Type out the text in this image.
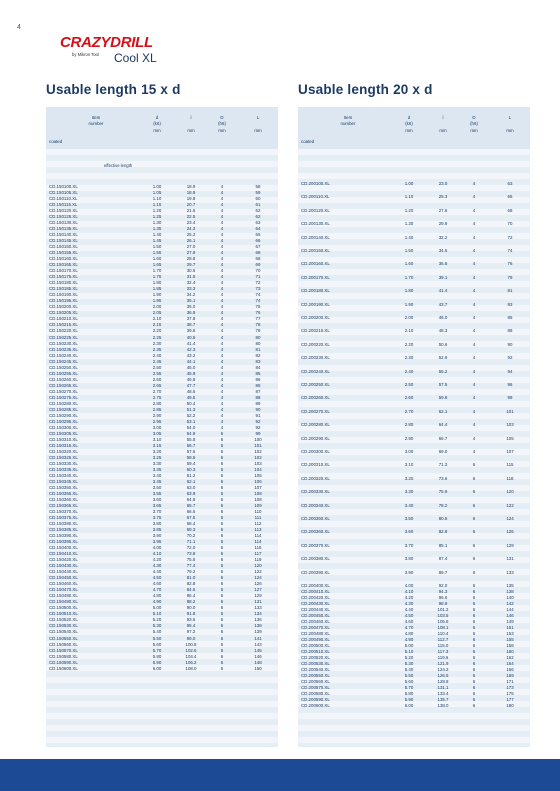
4
CRAZYDRILL
by Mikron Tool Cool XL
Usable length 15 x d	Usable length 20 x d
Item
number
coated
d
(k6)
mm
l
mm
D
(h6)
mm
L
mm
effective length
CD.150100.XL	1.00	18.9	4	58
CD.150105.XL	1.05	18.9	4	59
CD.150110.XL	1.10	19.8	4	60
CD.150115.XL	1.15	20.7	4	61
CD.150120.XL	1.20	21.6	4	62
CD.150125.XL	1.25	22.5	4	62
CD.150130.XL	1.30	23.4	4	63
CD.150135.XL	1.35	24.3	4	64
CD.150140.XL	1.40	25.2	4	65
CD.150145.XL	1.45	26.1	4	66
CD.150150.XL	1.50	27.0	4	67
CD.150155.XL	1.55	27.9	4	68
CD.150160.XL	1.60	28.8	4	68
CD.150165.XL	1.65	29.7	4	69
CD.150170.XL	1.70	30.6	4	70
CD.150175.XL	1.75	31.5	4	71
CD.150180.XL	1.80	32.4	4	72
CD.150185.XL	1.85	33.3	4	73
CD.150190.XL	1.90	34.2	4	74
CD.150195.XL	1.95	35.1	4	74
CD.150200.XL	2.00	36.0	4	75
CD.150205.XL	2.05	36.9	4	76
CD.150210.XL	2.10	37.8	4	77
CD.150215.XL	2.15	38.7	4	78
CD.150220.XL	2.20	39.6	4	79
CD.150225.XL	2.25	40.5	4	80
CD.150230.XL	2.30	41.4	4	80
CD.150235.XL	2.35	42.3	4	81
CD.150240.XL	2.40	43.2	4	82
CD.150245.XL	2.45	44.1	4	83
CD.150250.XL	2.50	45.0	4	84
CD.150255.XL	2.55	45.9	4	85
CD.150260.XL	2.60	46.8	4	86
CD.150265.XL	2.65	47.7	4	86
CD.150270.XL	2.70	48.6	4	87
CD.150275.XL	2.75	49.5	4	88
CD.150280.XL	2.80	50.4	4	89
CD.150285.XL	2.85	51.3	4	90
CD.150290.XL	2.90	52.2	4	91
CD.150295.XL	2.95	53.1	4	92
CD.150300.XL	3.00	54.0	4	92
CD.150305.XL	3.05	54.9	6	99
CD.150310.XL	3.10	55.8	6	100
CD.150315.XL	3.15	56.7	6	101
CD.150320.XL	3.20	57.6	6	102
CD.150325.XL	3.25	58.5	6	102
CD.150330.XL	3.30	59.4	6	103
CD.150335.XL	3.35	60.3	6	104
CD.150340.XL	3.40	61.2	6	105
CD.150345.XL	3.45	62.1	6	106
CD.150350.XL	3.50	63.0	6	107
CD.150355.XL	3.55	63.9	6	108
CD.150360.XL	3.60	64.8	6	108
CD.150365.XL	3.65	65.7	6	109
CD.150370.XL	3.70	66.6	6	110
CD.150375.XL	3.75	67.5	6	111
CD.150380.XL	3.80	68.4	6	112
CD.150385.XL	3.85	69.3	6	113
CD.150390.XL	3.90	70.2	6	114
CD.150395.XL	3.95	71.1	6	114
CD.150400.XL	4.00	72.0	6	115
CD.150410.XL	4.10	73.8	6	117
CD.150420.XL	4.20	75.6	6	119
CD.150430.XL	4.30	77.4	6	120
CD.150440.XL	4.40	79.2	6	122
CD.150450.XL	4.50	81.0	6	124
CD.150460.XL	4.60	82.8	6	126
CD.150470.XL	4.70	84.6	6	127
CD.150480.XL	4.80	86.4	6	129
CD.150490.XL	4.90	88.2	6	131
CD.150500.XL	5.00	90.0	6	133
CD.150510.XL	5.10	91.8	6	134
CD.150520.XL	5.20	93.6	6	136
CD.150530.XL	5.30	95.4	6	138
CD.150540.XL	5.40	97.2	6	139
CD.150550.XL	5.50	99.0	6	141
CD.150560.XL	5.60	100.8	6	143
CD.150570.XL	5.70	102.6	6	145
CD.150580.XL	5.80	104.4	6	146
CD.150590.XL	5.90	106.2	6	148
CD.150600.XL	6.00	108.0	6	150
Item
number
coated
d
(k6)
mm
l
mm
D
(h6)
mm
L
mm
CD.200100.XL	1.00	23.0	4	63
CD.200110.XL	1.10	25.3	4	65
CD.200120.XL	1.20	27.6	4	68
CD.200130.XL	1.30	29.9	4	70
CD.200140.XL	1.40	32.2	4	72
CD.200150.XL	1.50	34.5	4	74
CD.200160.XL	1.60	36.8	4	76
CD.200170.XL	1.70	39.1	4	79
CD.200180.XL	1.80	41.4	4	81
CD.200190.XL	1.90	43.7	4	83
CD.200200.XL	2.00	46.0	4	85
CD.200210.XL	2.10	48.3	4	88
CD.200220.XL	2.20	50.6	4	90
CD.200230.XL	2.30	52.9	4	92
CD.200240.XL	2.40	55.2	4	94
CD.200250.XL	2.50	57.5	4	96
CD.200260.XL	2.60	59.8	4	99
CD.200270.XL	2.70	62.1	4	101
CD.200280.XL	2.80	64.4	4	103
CD.200290.XL	2.90	66.7	4	105
CD.200300.XL	3.00	69.0	4	107
CD.200310.XL	3.10	71.3	6	115
CD.200320.XL	3.20	73.6	6	118
CD.200330.XL	3.30	75.9	6	120
CD.200340.XL	3.40	78.2	6	122
CD.200350.XL	3.50	80.5	6	124
CD.200360.XL	3.60	82.8	6	126
CD.200370.XL	3.70	85.1	6	129
CD.200380.XL	3.80	87.4	6	131
CD.200390.XL	3.90	89.7	6	133
CD.200400.XL	4.00	92.0	6	135
CD.200410.XL	4.10	94.3	6	138
CD.200420.XL	4.20	96.6	6	140
CD.200430.XL	4.30	98.9	6	142
CD.200440.XL	4.40	101.2	6	144
CD.200450.XL	4.50	103.5	6	146
CD.200460.XL	4.60	105.8	6	149
CD.200470.XL	4.70	108.1	6	151
CD.200480.XL	4.80	110.4	6	153
CD.200490.XL	4.90	112.7	6	155
CD.200500.XL	5.00	115.0	6	158
CD.200510.XL	5.10	117.3	6	160
CD.200520.XL	5.20	119.6	6	162
CD.200530.XL	5.30	121.9	6	164
CD.200540.XL	5.40	124.2	6	166
CD.200550.XL	5.50	126.5	6	169
CD.200560.XL	5.60	128.8	6	171
CD.200570.XL	5.70	131.1	6	173
CD.200580.XL	5.80	133.4	6	175
CD.200590.XL	5.90	135.7	6	177
CD.200600.XL	6.00	138.0	6	180
